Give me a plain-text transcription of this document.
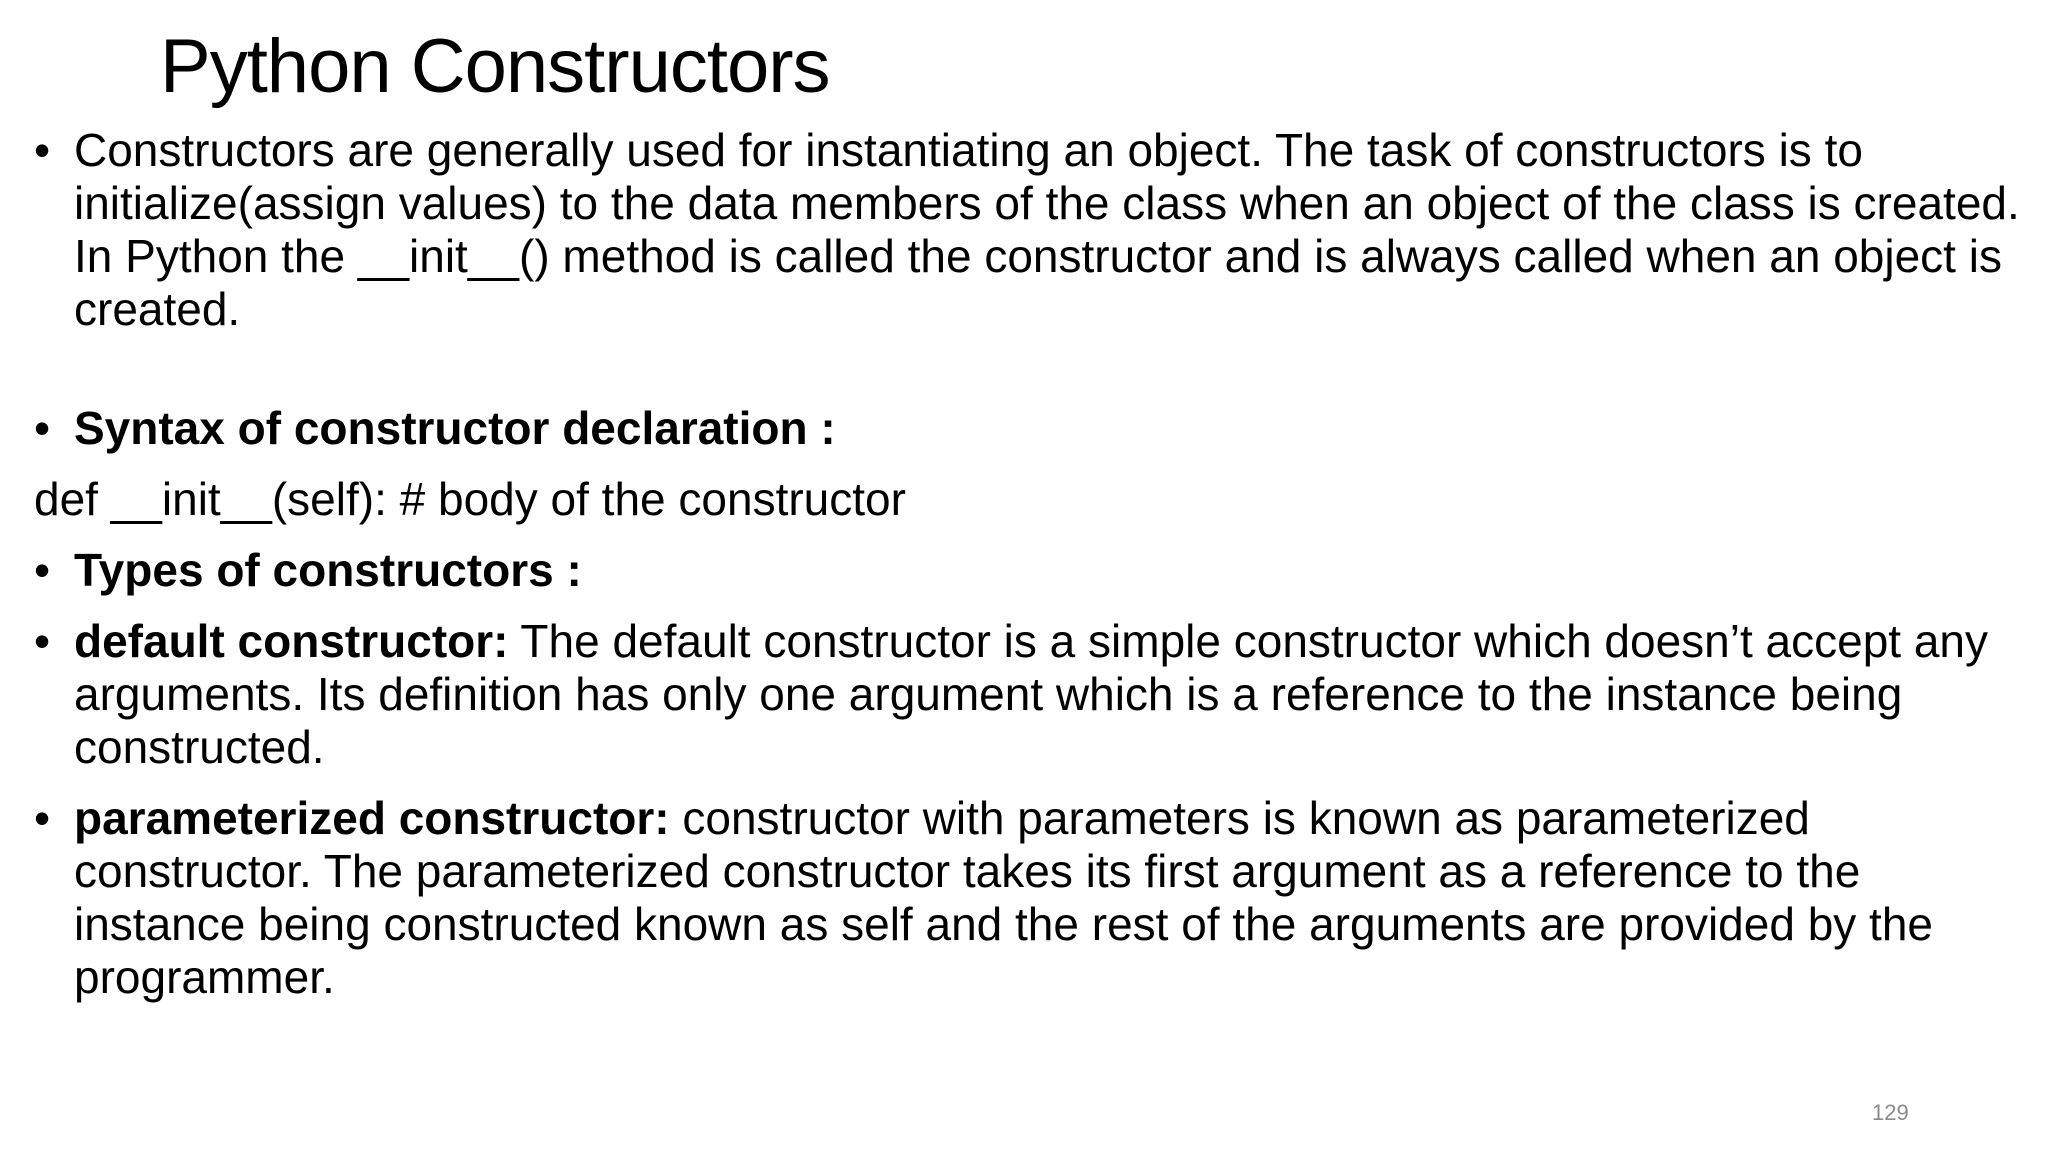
Python Constructors
• Constructors are generally used for instantiating an object. The task of constructors is to initialize(assign values) to the data members of the class when an object of the class is created. In Python the __init__() method is called the constructor and is always called when an object is created.
• Syntax of constructor declaration :
def __init__(self): # body of the constructor
• Types of constructors :
• default constructor: The default constructor is a simple constructor which doesn’t accept any arguments. Its definition has only one argument which is a reference to the instance being constructed.
• parameterized constructor: constructor with parameters is known as parameterized constructor. The parameterized constructor takes its first argument as a reference to the instance being constructed known as self and the rest of the arguments are provided by the programmer.
129
